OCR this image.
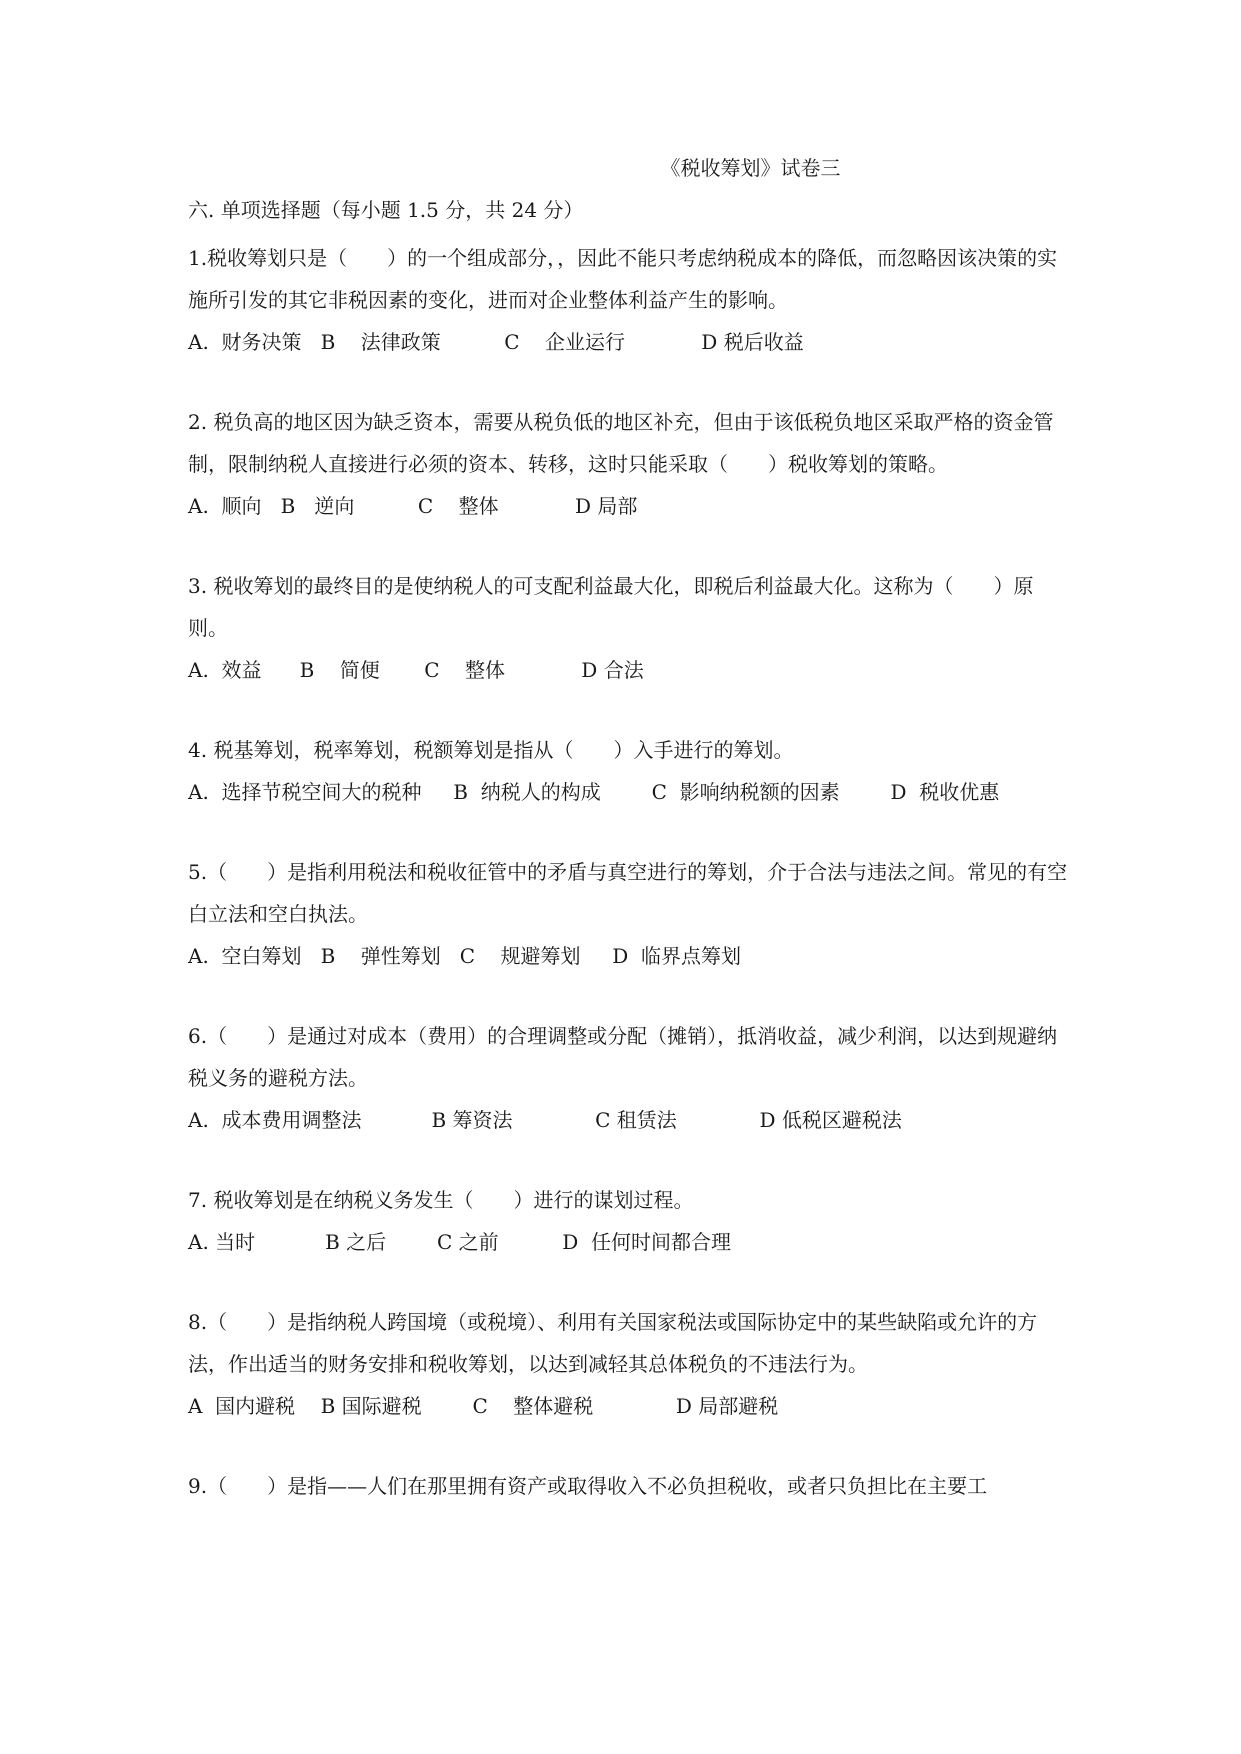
《税收筹划》试卷三
六. 单项选择题（每小题 1.5 分，共 24 分）

1.税收筹划只是（　　）的一个组成部分，，因此不能只考虑纳税成本的降低，而忽略因该决策的实施所引发的其它非税因素的变化，进而对企业整体利益产生的影响。

A.  财务决策   B    法律政策          C    企业运行            D 税后收益

2. 税负高的地区因为缺乏资本，需要从税负低的地区补充，但由于该低税负地区采取严格的资金管制，限制纳税人直接进行必须的资本、转移，这时只能采取（　　）税收筹划的策略。

A.  顺向   B   逆向          C    整体            D 局部

3. 税收筹划的最终目的是使纳税人的可支配利益最大化，即税后利益最大化。这称为（　　）原则。

A.  效益      B    简便       C    整体            D 合法

4. 税基筹划，税率筹划，税额筹划是指从（　　）入手进行的筹划。

A.  选择节税空间大的税种     B  纳税人的构成        C  影响纳税额的因素        D  税收优惠

5.（　　）是指利用税法和税收征管中的矛盾与真空进行的筹划，介于合法与违法之间。常见的有空白立法和空白执法。

A.  空白筹划   B    弹性筹划   C    规避筹划     D  临界点筹划

6.（　　）是通过对成本（费用）的合理调整或分配（摊销），抵消收益，减少利润，以达到规避纳税义务的避税方法。

A.  成本费用调整法           B 筹资法             C 租赁法             D 低税区避税法

7. 税收筹划是在纳税义务发生（　　）进行的谋划过程。

A. 当时           B 之后        C 之前          D  任何时间都合理

8.（　　）是指纳税人跨国境（或税境）、利用有关国家税法或国际协定中的某些缺陷或允许的方法，作出适当的财务安排和税收筹划，以达到减轻其总体税负的不违法行为。

A  国内避税    B 国际避税        C    整体避税             D 局部避税

9.（　　）是指——人们在那里拥有资产或取得收入不必负担税收，或者只负担比在主要工
